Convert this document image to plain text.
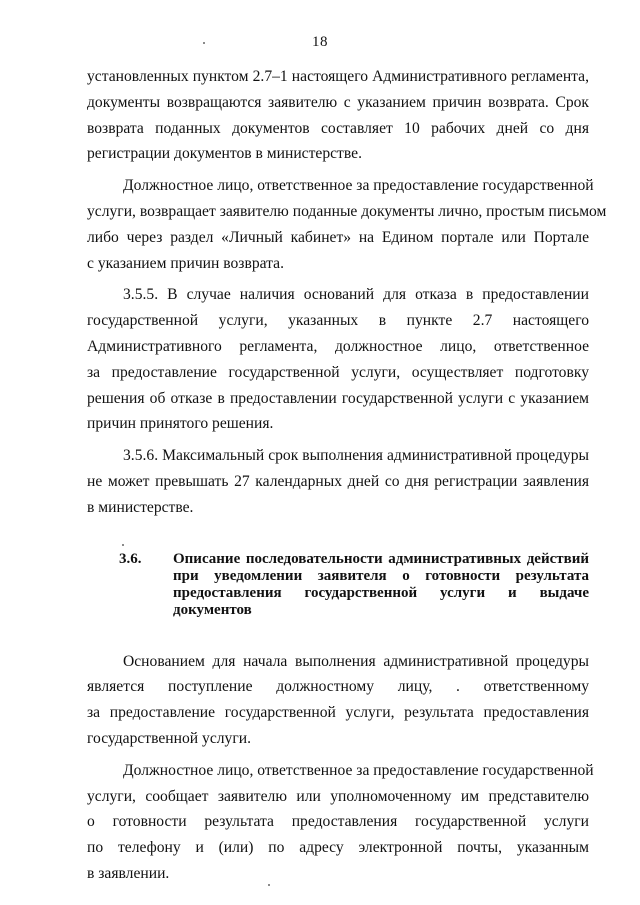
18
установленных пунктом 2.7–1 настоящего Административного регламента,
документы возвращаются заявителю с указанием причин возврата. Срок
возврата поданных документов составляет 10 рабочих дней со дня
регистрации документов в министерстве.
Должностное лицо, ответственное за предоставление государственной
услуги, возвращает заявителю поданные документы лично, простым письмом
либо через раздел «Личный кабинет» на Едином портале или Портале
с указанием причин возврата.
3.5.5. В случае наличия оснований для отказа в предоставлении
государственной услуги, указанных в пункте 2.7 настоящего
Административного регламента, должностное лицо, ответственное
за предоставление государственной услуги, осуществляет подготовку
решения об отказе в предоставлении государственной услуги с указанием
причин принятого решения.
3.5.6. Максимальный срок выполнения административной процедуры
не может превышать 27 календарных дней со дня регистрации заявления
в министерстве.
3.6. Описание последовательности административных действий
при уведомлении заявителя о готовности результата
предоставления государственной услуги и выдаче
документов
Основанием для начала выполнения административной процедуры
является поступление должностному лицу, . ответственному
за предоставление государственной услуги, результата предоставления
государственной услуги.
Должностное лицо, ответственное за предоставление государственной
услуги, сообщает заявителю или уполномоченному им представителю
о готовности результата предоставления государственной услуги
по телефону и (или) по адресу электронной почты, указанным
в заявлении.
